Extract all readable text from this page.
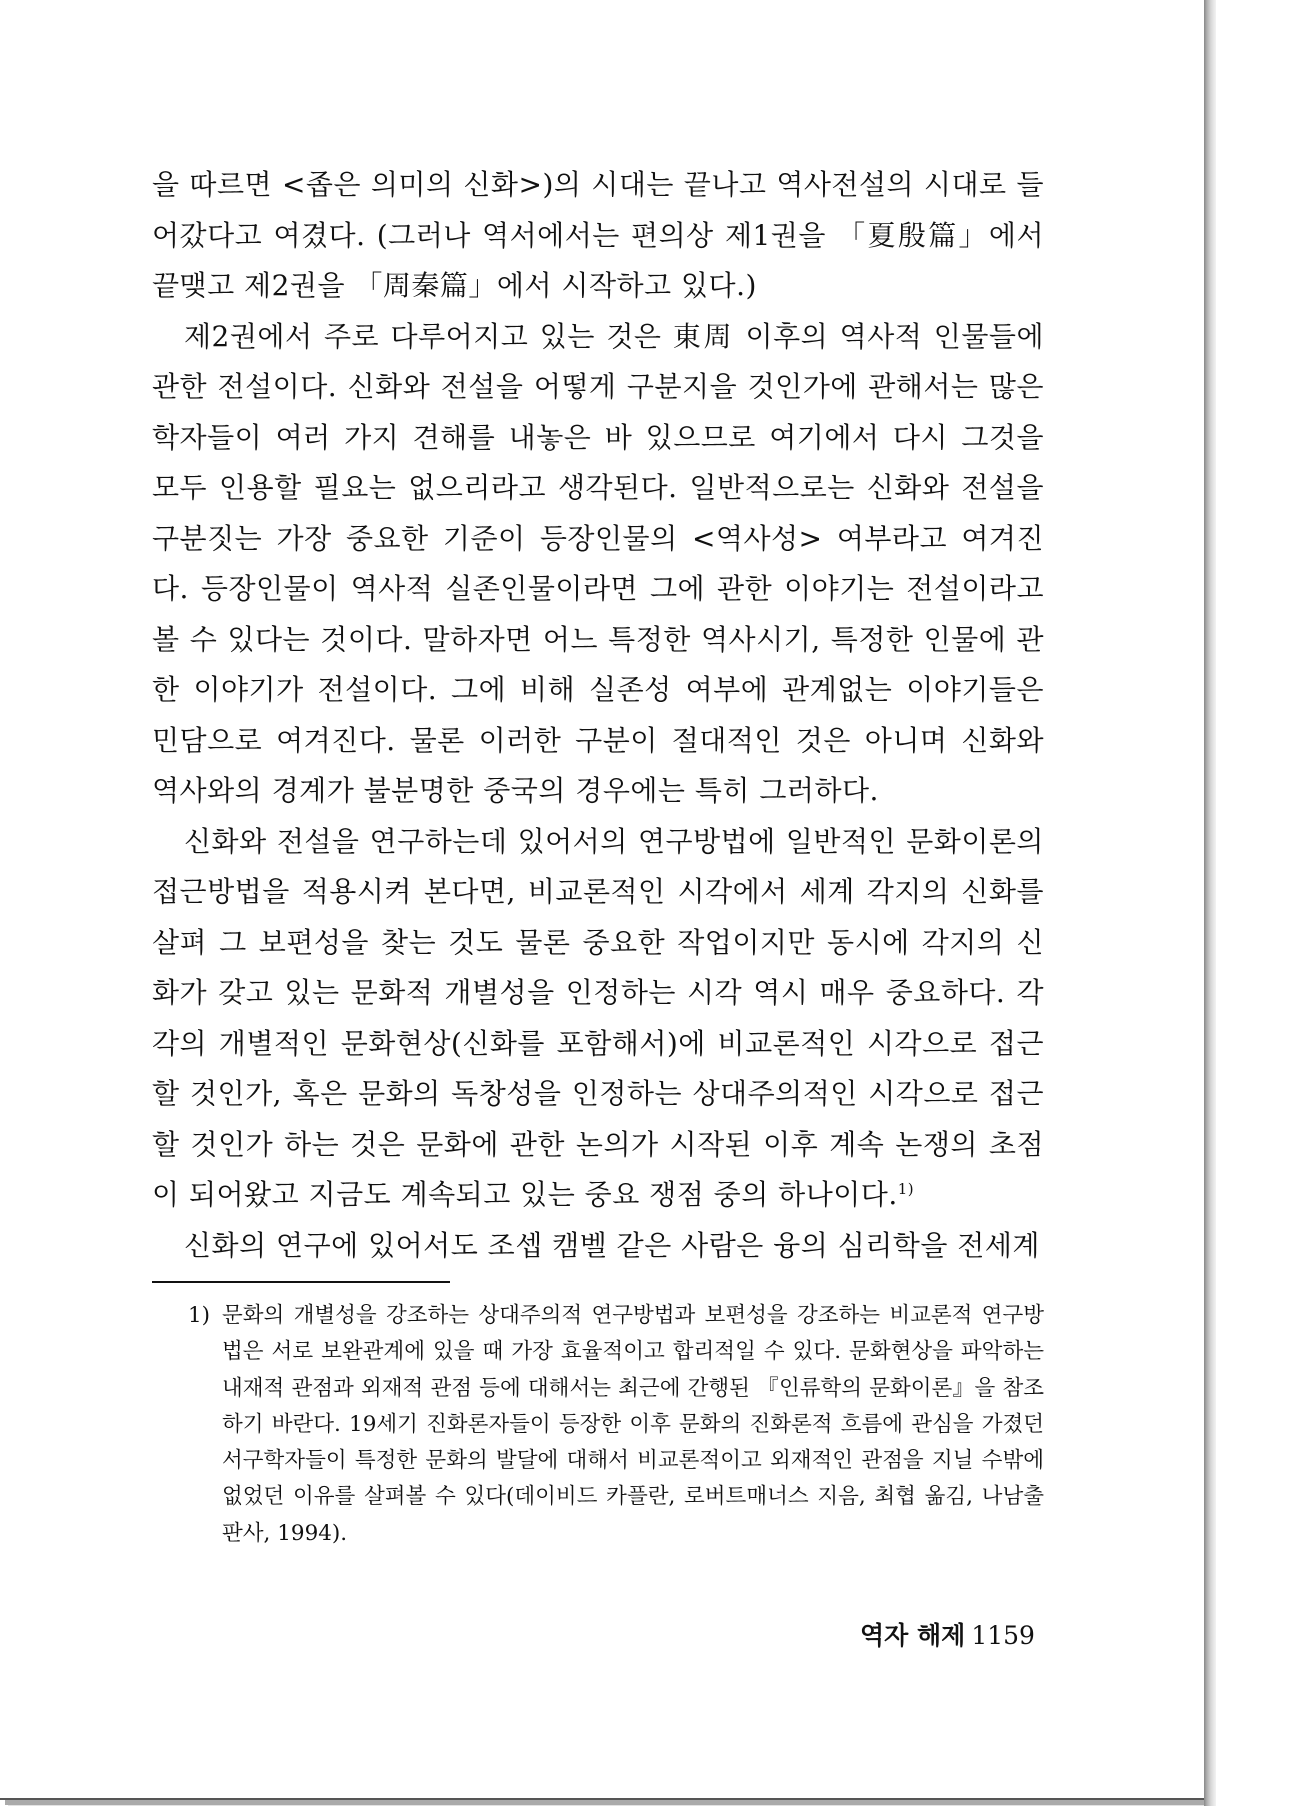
을 따르면 <좁은 의미의 신화>)의 시대는 끝나고 역사전설의 시대로 들어갔다고 여겼다. (그러나 역서에서는 편의상 제1권을 「夏殷篇」에서 끝맺고 제2권을 「周秦篇」에서 시작하고 있다.)

제2권에서 주로 다루어지고 있는 것은 東周 이후의 역사적 인물들에 관한 전설이다. 신화와 전설을 어떻게 구분지을 것인가에 관해서는 많은 학자들이 여러 가지 견해를 내놓은 바 있으므로 여기에서 다시 그것을 모두 인용할 필요는 없으리라고 생각된다. 일반적으로는 신화와 전설을 구분짓는 가장 중요한 기준이 등장인물의 <역사성> 여부라고 여겨진다. 등장인물이 역사적 실존인물이라면 그에 관한 이야기는 전설이라고 볼 수 있다는 것이다. 말하자면 어느 특정한 역사시기, 특정한 인물에 관한 이야기가 전설이다. 그에 비해 실존성 여부에 관계없는 이야기들은 민담으로 여겨진다. 물론 이러한 구분이 절대적인 것은 아니며 신화와 역사와의 경계가 불분명한 중국의 경우에는 특히 그러하다.

신화와 전설을 연구하는데 있어서의 연구방법에 일반적인 문화이론의 접근방법을 적용시켜 본다면, 비교론적인 시각에서 세계 각지의 신화를 살펴 그 보편성을 찾는 것도 물론 중요한 작업이지만 동시에 각지의 신화가 갖고 있는 문화적 개별성을 인정하는 시각 역시 매우 중요하다. 각각의 개별적인 문화현상(신화를 포함해서)에 비교론적인 시각으로 접근할 것인가, 혹은 문화의 독창성을 인정하는 상대주의적인 시각으로 접근할 것인가 하는 것은 문화에 관한 논의가 시작된 이후 계속 논쟁의 초점이 되어왔고 지금도 계속되고 있는 중요 쟁점 중의 하나이다.$^{1)}$

신화의 연구에 있어서도 조셉 캠벨 같은 사람은 융의 심리학을 전세계

1) 문화의 개별성을 강조하는 상대주의적 연구방법과 보편성을 강조하는 비교론적 연구방법은 서로 보완관계에 있을 때 가장 효율적이고 합리적일 수 있다. 문화현상을 파악하는 내재적 관점과 외재적 관점 등에 대해서는 최근에 간행된 『인류학의 문화이론』을 참조하기 바란다. 19세기 진화론자들이 등장한 이후 문화의 진화론적 흐름에 관심을 가졌던 서구학자들이 특정한 문화의 발달에 대해서 비교론적이고 외재적인 관점을 지닐 수밖에 없었던 이유를 살펴볼 수 있다(데이비드 카플란, 로버트매너스 지음, 최협 옮김, 나남출판사, 1994).

역자 해제 1159
